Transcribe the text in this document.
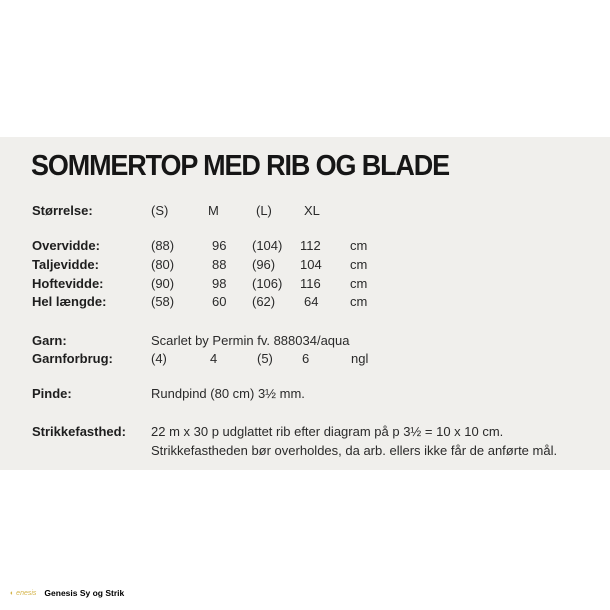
SOMMERTOP MED RIB OG BLADE
Størrelse:	(S)	M	(L) XL
Overvidde:	(88)	96 (104) 112 cm
Taljevidde:	(80)	88 (96) 104 cm
Hoftevidde:	(90)	98 (106) 116 cm
Hel længde:	(58)	60 (62) 64 cm
Garn:	Scarlet by Permin fv. 888034/aqua
Garnforbrug:	(4)	4	(5) 6	ngl
Pinde:	Rundpind (80 cm) 3½ mm.
Strikkefasthed: 22 m x 30 p udglattet rib efter diagram på p 3½ = 10 x 10 cm.
Strikkefastheden bør overholdes, da arb. ellers ikke får de anførte mål.
◐ enesis Genesis Sy og Strik
